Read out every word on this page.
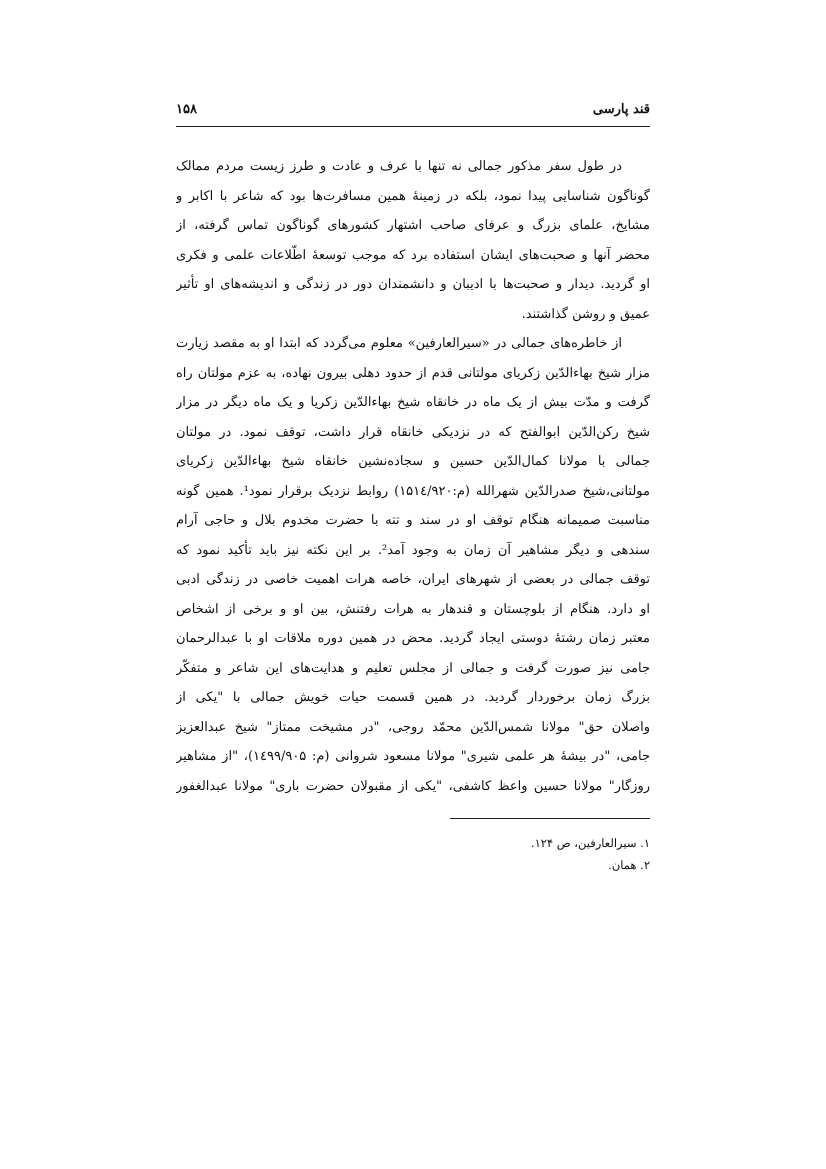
قند پارسی
۱۵۸
در طول سفر مذکور جمالی نه تنها با عرف و عادت و طرز زیست مردم ممالک
گوناگون شناسایی پیدا نمود، بلکه در زمینهٔ همین مسافرت‌ها بود که شاعر با اکابر و
مشایخ، علمای بزرگ و عرفای صاحب اشتهار کشورهای گوناگون تماس گرفته، از
محضر آنها و صحبت‌های ایشان استفاده برد که موجب توسعهٔ اطّلاعات علمی و فکری
او گردید. دیدار و صحبت‌ها با ادیبان و دانشمندان دور در زندگی و اندیشه‌های او تأثیر
عمیق و روشن گذاشتند.
از خاطره‌های جمالی در «سیرالعارفین» معلوم می‌گردد که ابتدا او به مقصد زیارت
مزار شیخ بهاءالدّین زکریای مولتانی قدم از حدود دهلی بیرون نهاده، به عزم مولتان راه
گرفت و مدّت بیش از یک ماه در خانقاه شیخ بهاءالدّین زکریا و یک ماه دیگر در مزار
شیخ رکن‌الدّین ابوالفتح که در نزدیکی خانقاه قرار داشت، توقف نمود. در مولتان
جمالی با مولانا کمال‌الدّین حسین و سجاده‌نشین خانقاه شیخ بهاءالدّین زکریای
مولتانی،شیخ صدرالدّین شهرالله (م:۱۵۱٤/۹۲۰) روابط نزدیک برقرار نمود¹. همین گونه
مناسبت صمیمانه هنگام توقف او در سند و تته با حضرت مخدوم بلال و حاجی آرام
سندهی و دیگر مشاهیر آن زمان به وجود آمد². بر این نکته نیز باید تأکید نمود که
توقف جمالی در بعضی از شهرهای ایران، خاصه هرات اهمیت خاصی در زندگی ادبی
او دارد. هنگام از بلوچستان و قندهار به هرات رفتنش، بین او و برخی از اشخاص
معتبر زمان رشتهٔ دوستی ایجاد گردید. محض در همین دوره ملاقات او با عبدالرحمان
جامی نیز صورت گرفت و جمالی از مجلس تعلیم و هدایت‌های این شاعر و متفکّر
بزرگ زمان برخوردار گردید. در همین قسمت حیات خویش جمالی با "یکی از
واصلان حق" مولانا شمس‌الدّین محمّد روجی، "در مشیخت ممتاز" شیخ عبدالعزیز
جامی، "در بیشهٔ هر علمی شیری" مولانا مسعود شروانی (م: ۱٤۹۹/۹۰۵)، "از مشاهیر
روزگار" مولانا حسین واعظ کاشفی، "یکی از مقبولان حضرت باری" مولانا عبدالغفور
۱. سیرالعارفین، ص ۱۲۴.
۲. همان.
